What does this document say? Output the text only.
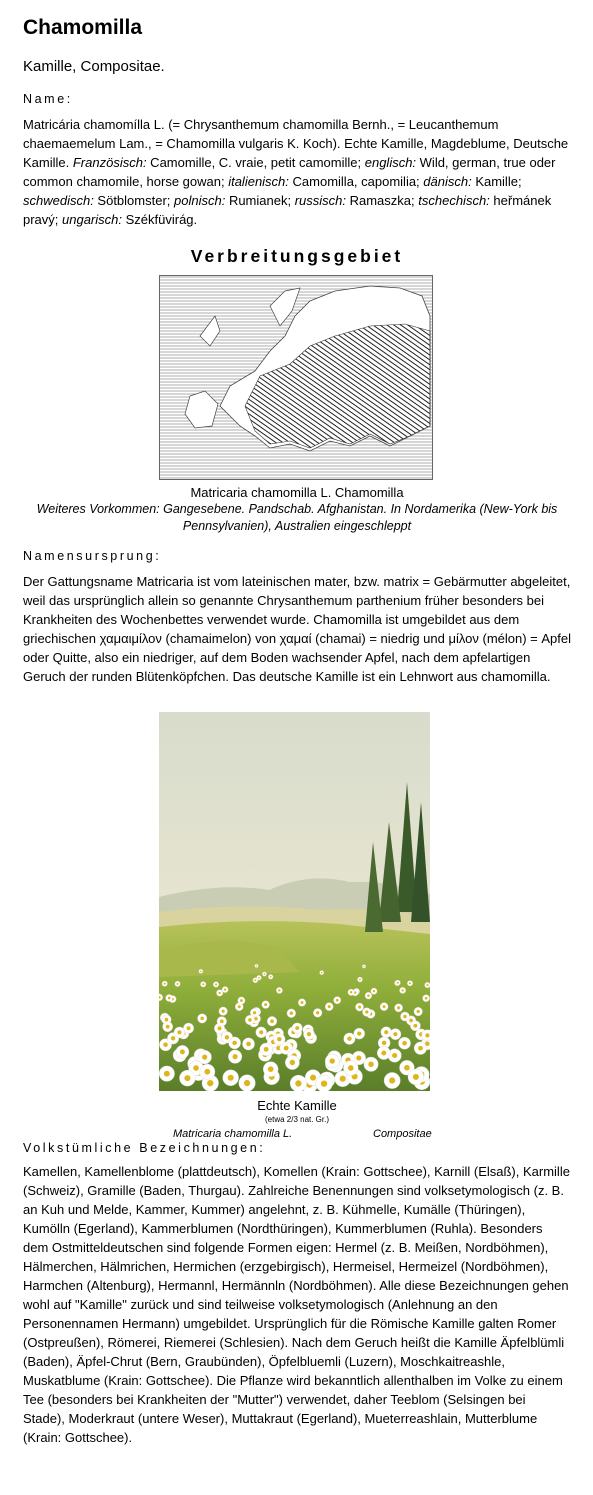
Chamomilla
Kamille, Compositae.
Name:

Matricária chamomílla L. (= Chrysanthemum chamomilla Bernh., = Leucanthemum chaemaemelum Lam., = Chamomilla vulgaris K. Koch). Echte Kamille, Magdeblume, Deutsche Kamille. Französisch: Camomille, C. vraie, petit camomille; englisch: Wild, german, true oder common chamomile, horse gowan; italienisch: Camomilla, capomilia; dänisch: Kamille; schwedisch: Sötblomster; polnisch: Rumianek; russisch: Ramaszka; tschechisch: heřmánek pravý; ungarisch: Székfüvirág.

Verbreitungsgebiet
Matricaria chamomilla L. Chamomilla
Weiteres Vorkommen: Gangesebene. Pandschab. Afghanistan. In Nordamerika (New-York bis Pennsylvanien), Australien eingeschleppt
Namensursprung:

Der Gattungsname Matricaria ist vom lateinischen mater, bzw. matrix = Gebärmutter abgeleitet, weil das ursprünglich allein so genannte Chrysanthemum parthenium früher besonders bei Krankheiten des Wochenbettes verwendet wurde. Chamomilla ist umgebildet aus dem griechischen χαμαιμίλον (chamaimelon) von χαμαί (chamai) = niedrig und μίλον (mélon) = Apfel oder Quitte, also ein niedriger, auf dem Boden wachsender Apfel, nach dem apfelartigen Geruch der runden Blütenköpfchen. Das deutsche Kamille ist ein Lehnwort aus chamomilla.

Echte Kamille
(etwa 2/3 nat. Gr.)
Matricaria chamomilla L.	Compositae
Volkstümliche Bezeichnungen:

Kamellen, Kamellenblome (plattdeutsch), Komellen (Krain: Gottschee), Karnill (Elsaß), Karmille (Schweiz), Gramille (Baden, Thurgau). Zahlreiche Benennungen sind volksetymologisch (z. B. an Kuh und Melde, Kammer, Kummer) angelehnt, z. B. Kühmelle, Kumälle (Thüringen), Kumölln (Egerland), Kammerblumen (Nordthüringen), Kummerblumen (Ruhla). Besonders dem Ostmitteldeutschen sind folgende Formen eigen: Hermel (z. B. Meißen, Nordböhmen), Hälmerchen, Hälmrichen, Hermichen (erzgebirgisch), Hermeisel, Hermeizel (Nordböhmen), Harmchen (Altenburg), Hermannl, Hermännln (Nordböhmen). Alle diese Bezeichnungen gehen wohl auf "Kamille" zurück und sind teilweise volksetymologisch (Anlehnung an den Personennamen Hermann) umgebildet. Ursprünglich für die Römische Kamille galten Romer (Ostpreußen), Römerei, Riemerei (Schlesien). Nach dem Geruch heißt die Kamille Äpfelblümli (Baden), Äpfel-Chrut (Bern, Graubünden), Öpfelbluemli (Luzern), Moschkaitreashle, Muskatblume (Krain: Gottschee). Die Pflanze wird bekanntlich allenthalben im Volke zu einem Tee (besonders bei Krankheiten der "Mutter") verwendet, daher Teeblom (Selsingen bei Stade), Moderkraut (untere Weser), Muttakraut (Egerland), Mueterreashlain, Mutterblume (Krain: Gottschee).
